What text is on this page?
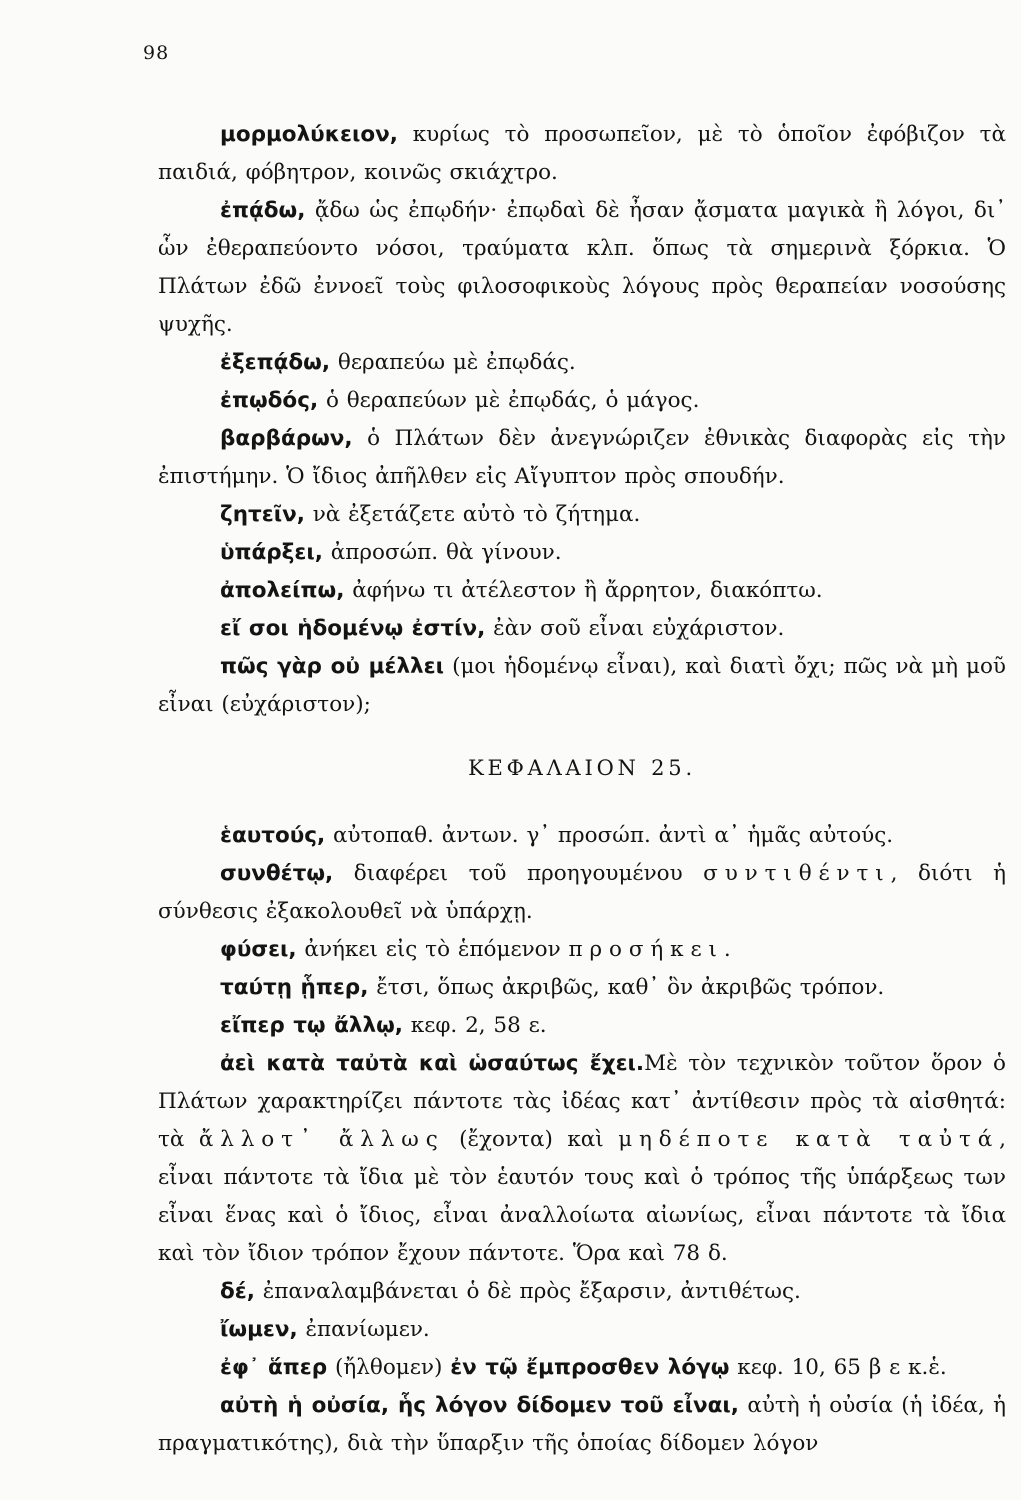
98

μορμολύκειον, κυρίως τὸ προσωπεῖον, μὲ τὸ ὁποῖον ἐφόβιζον τὰ παιδιά, φόβητρον, κοινῶς σκιάχτρο.

ἐπᾴδω, ᾄδω ὡς ἐπῳδήν· ἐπῳδαὶ δὲ ἦσαν ᾄσματα μαγικὰ ἢ λόγοι, δι᾿ ὧν ἐθεραπεύοντο νόσοι, τραύματα κλπ. ὅπως τὰ σημερινὰ ξόρκια. Ὁ Πλάτων ἐδῶ ἐννοεῖ τοὺς φιλοσοφικοὺς λόγους πρὸς θεραπείαν νοσούσης ψυχῆς.

ἐξεπᾴδω, θεραπεύω μὲ ἐπῳδάς.

ἐπῳδός, ὁ θεραπεύων μὲ ἐπῳδάς, ὁ μάγος.

βαρβάρων, ὁ Πλάτων δὲν ἀνεγνώριζεν ἐθνικὰς διαφορὰς εἰς τὴν ἐπιστήμην. Ὁ ἴδιος ἀπῆλθεν εἰς Αἴγυπτον πρὸς σπουδήν.

ζητεῖν, νὰ ἐξετάζετε αὐτὸ τὸ ζήτημα.

ὑπάρξει, ἀπροσώπ. θὰ γίνουν.

ἀπολείπω, ἀφήνω τι ἀτέλεστον ἢ ἄρρητον, διακόπτω.

εἴ σοι ἡδομένῳ ἐστίν, ἐὰν σοῦ εἶναι εὐχάριστον.

πῶς γὰρ οὐ μέλλει (μοι ἡδομένῳ εἶναι), καὶ διατὶ ὄχι; πῶς νὰ μὴ μοῦ εἶναι (εὐχάριστον);

ΚΕΦΑΛΑΙΟΝ 25.

ἑαυτούς, αὐτοπαθ. ἀντων. γ᾿ προσώπ. ἀντὶ α᾿ ἡμᾶς αὐτούς.

συνθέτῳ, διαφέρει τοῦ προηγουμένου συντιθέντι, διότι ἡ σύνθεσις ἐξακολουθεῖ νὰ ὑπάρχῃ.

φύσει, ἀνήκει εἰς τὸ ἑπόμενον προσήκει.

ταύτῃ ᾗπερ, ἔτσι, ὅπως ἀκριβῶς, καθ᾿ ὃν ἀκριβῶς τρόπον.

εἴπερ τῳ ἄλλῳ, κεφ. 2, 58 ε.

ἀεὶ κατὰ ταὐτὰ καὶ ὡσαύτως ἔχει.Μὲ τὸν τεχνικὸν τοῦτον ὅρον ὁ Πλάτων χαρακτηρίζει πάντοτε τὰς ἰδέας κατ᾿ ἀντίθεσιν πρὸς τὰ αἰσθητά: τὰ ἄλλοτ᾿ ἄλλως (ἔχοντα) καὶ μηδέποτε κατὰ ταὐτά, εἶναι πάντοτε τὰ ἴδια μὲ τὸν ἑαυτόν τους καὶ ὁ τρόπος τῆς ὑπάρξεως των εἶναι ἕνας καὶ ὁ ἴδιος, εἶναι ἀναλλοίωτα αἰωνίως, εἶναι πάντοτε τὰ ἴδια καὶ τὸν ἴδιον τρόπον ἔχουν πάντοτε. Ὅρα καὶ 78 δ.

δέ, ἐπαναλαμβάνεται ὁ δὲ πρὸς ἔξαρσιν, ἀντιθέτως.

ἴωμεν, ἐπανίωμεν.

ἐφ᾿ ἅπερ (ἤλθομεν) ἐν τῷ ἔμπροσθεν λόγῳ κεφ. 10, 65 β ε κ.ἑ.

αὐτὴ ἡ οὐσία, ἧς λόγον δίδομεν τοῦ εἶναι, αὐτὴ ἡ οὐσία (ἡ ἰδέα, ἡ πραγματικότης), διὰ τὴν ὕπαρξιν τῆς ὁποίας δίδομεν λόγον
